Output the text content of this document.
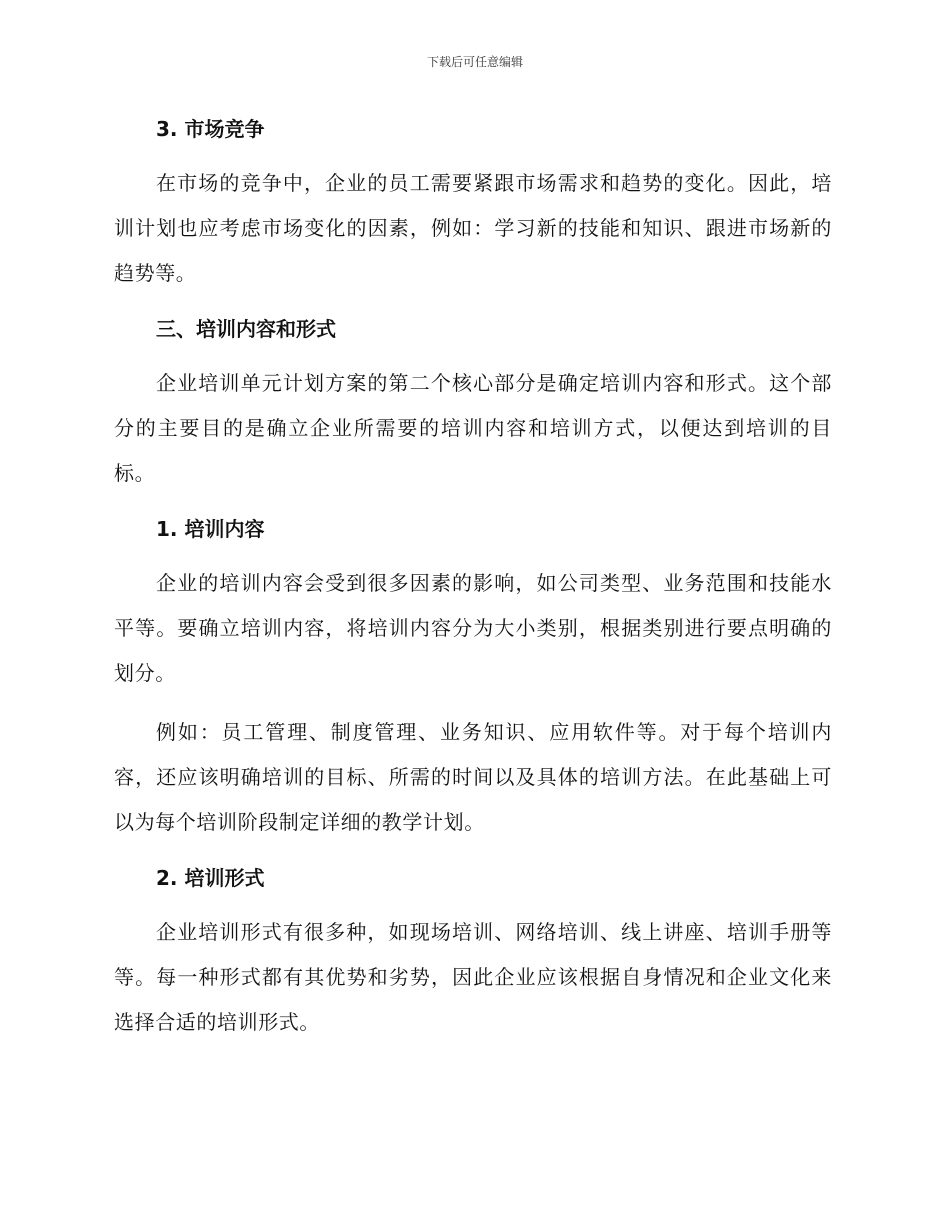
下载后可任意编辑
3. 市场竞争

在市场的竞争中，企业的员工需要紧跟市场需求和趋势的变化。因此，培训计划也应考虑市场变化的因素，例如：学习新的技能和知识、跟进市场新的趋势等。

三、培训内容和形式

企业培训单元计划方案的第二个核心部分是确定培训内容和形式。这个部分的主要目的是确立企业所需要的培训内容和培训方式，以便达到培训的目标。

1. 培训内容

企业的培训内容会受到很多因素的影响，如公司类型、业务范围和技能水平等。要确立培训内容，将培训内容分为大小类别，根据类别进行要点明确的划分。

例如：员工管理、制度管理、业务知识、应用软件等。对于每个培训内容，还应该明确培训的目标、所需的时间以及具体的培训方法。在此基础上可以为每个培训阶段制定详细的教学计划。

2. 培训形式

企业培训形式有很多种，如现场培训、网络培训、线上讲座、培训手册等等。每一种形式都有其优势和劣势，因此企业应该根据自身情况和企业文化来选择合适的培训形式。
